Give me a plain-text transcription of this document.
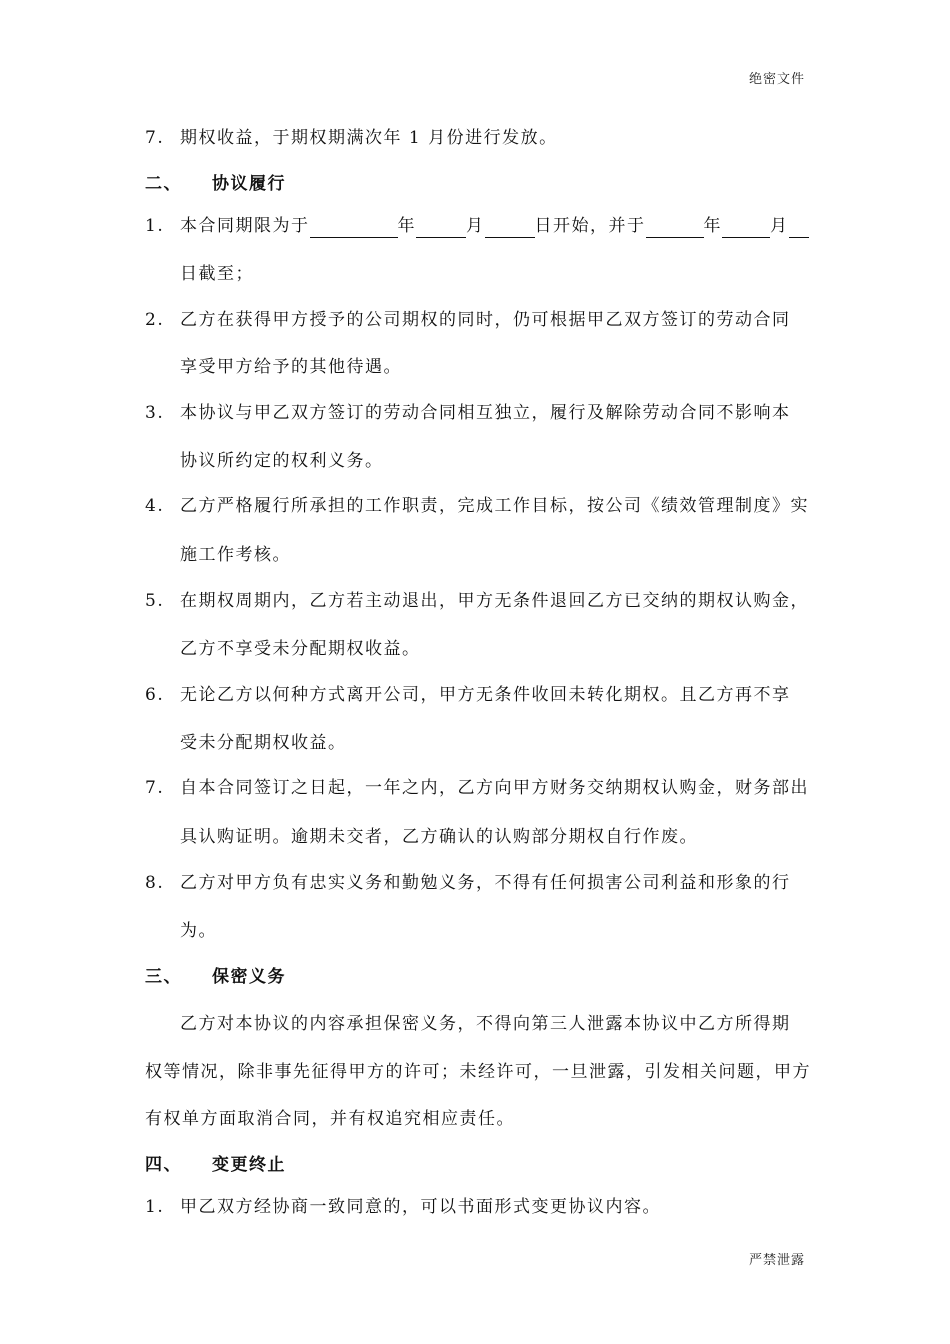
绝密文件
7. 期权收益，于期权期满次年 1 月份进行发放。
二、 协议履行
1. 本合同期限为于	年	月	日开始，并于	年	月
日截至；
2. 乙方在获得甲方授予的公司期权的同时，仍可根据甲乙双方签订的劳动合同
享受甲方给予的其他待遇。
3. 本协议与甲乙双方签订的劳动合同相互独立，履行及解除劳动合同不影响本
协议所约定的权利义务。
4. 乙方严格履行所承担的工作职责，完成工作目标，按公司《绩效管理制度》实
施工作考核。
5. 在期权周期内，乙方若主动退出，甲方无条件退回乙方已交纳的期权认购金，
乙方不享受未分配期权收益。
6. 无论乙方以何种方式离开公司，甲方无条件收回未转化期权。且乙方再不享
受未分配期权收益。
7. 自本合同签订之日起，一年之内，乙方向甲方财务交纳期权认购金，财务部出
具认购证明。逾期未交者，乙方确认的认购部分期权自行作废。
8. 乙方对甲方负有忠实义务和勤勉义务，不得有任何损害公司利益和形象的行
为。
三、 保密义务
乙方对本协议的内容承担保密义务，不得向第三人泄露本协议中乙方所得期
权等情况，除非事先征得甲方的许可；未经许可，一旦泄露，引发相关问题，甲方
有权单方面取消合同，并有权追究相应责任。
四、 变更终止
1. 甲乙双方经协商一致同意的，可以书面形式变更协议内容。
严禁泄露
